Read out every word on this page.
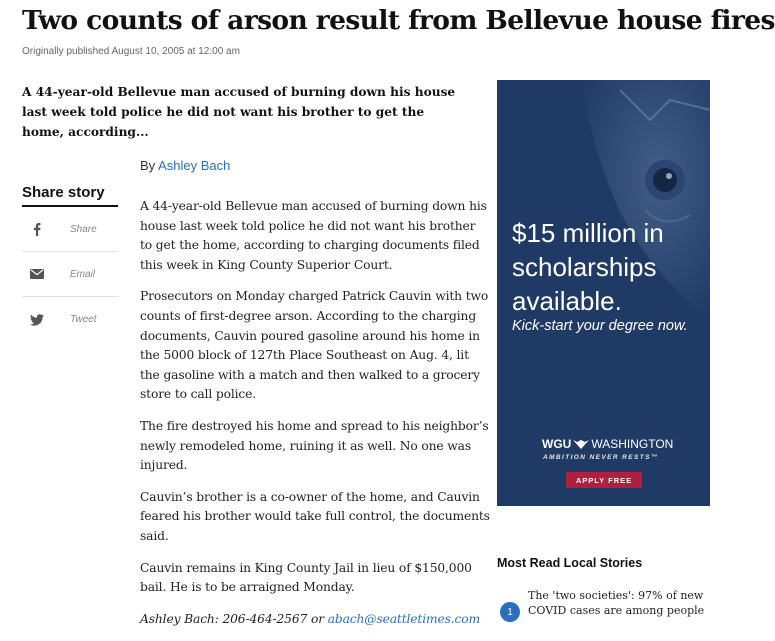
Two counts of arson result from Bellevue house fires
Originally published August 10, 2005 at 12:00 am
A 44-year-old Bellevue man accused of burning down his house last week told police he did not want his brother to get the home, according...
By Ashley Bach
Share story
Share
Email
Tweet

A 44-year-old Bellevue man accused of burning down his house last week told police he did not want his brother to get the home, according to charging documents filed this week in King County Superior Court.

Prosecutors on Monday charged Patrick Cauvin with two counts of first-degree arson. According to the charging documents, Cauvin poured gasoline around his home in the 5000 block of 127th Place Southeast on Aug. 4, lit the gasoline with a match and then walked to a grocery store to call police.

The fire destroyed his home and spread to his neighbor’s newly remodeled home, ruining it as well. No one was injured.

Cauvin’s brother is a co-owner of the home, and Cauvin feared his brother would take full control, the documents said.

Cauvin remains in King County Jail in lieu of $150,000 bail. He is to be arraigned Monday.

Ashley Bach: 206-464-2567 or abach@seattletimes.com

$15 million in scholarships available.
Kick-start your degree now.
WGU WASHINGTON
AMBITION NEVER RESTS™
APPLY FREE
Most Read Local Stories
1
The 'two societies': 97% of new COVID cases are among people
